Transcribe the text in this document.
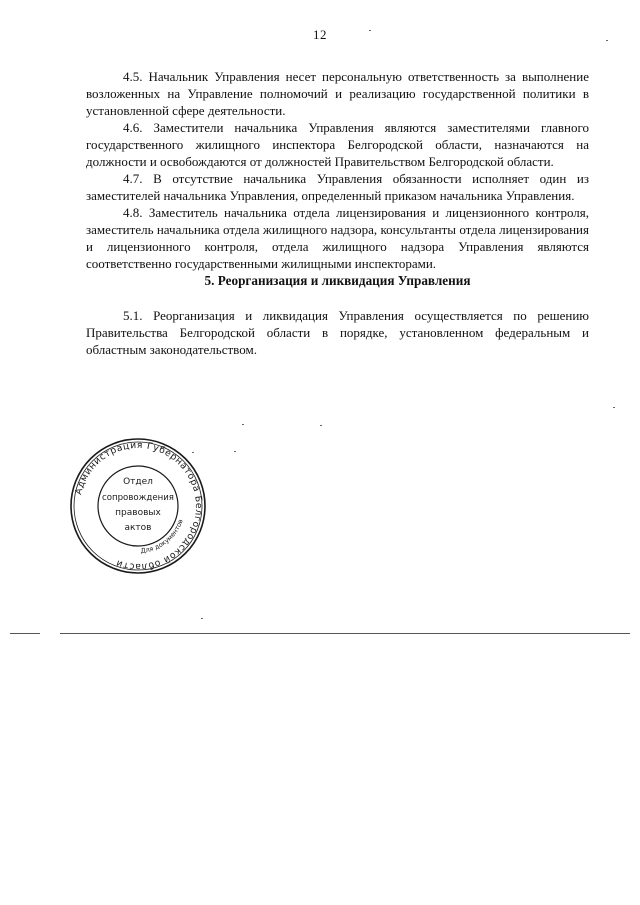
12

4.5. Начальник Управления несет персональную ответственность за выполнение возложенных на Управление полномочий и реализацию государственной политики в установленной сфере деятельности.

4.6. Заместители начальника Управления являются заместителями главного государственного жилищного инспектора Белгородской области, назначаются на должности и освобождаются от должностей Правительством Белгородской области.

4.7. В отсутствие начальника Управления обязанности исполняет один из заместителей начальника Управления, определенный приказом начальника Управления.

4.8. Заместитель начальника отдела лицензирования и лицензионного контроля, заместитель начальника отдела жилищного надзора, консультанты отдела лицензирования и лицензионного контроля, отдела жилищного надзора Управления являются соответственно государственными жилищными инспекторами.

5. Реорганизация и ликвидация Управления

5.1. Реорганизация и ликвидация Управления осуществляется по решению Правительства Белгородской области в порядке, установленном федеральным и областным законодательством.

Администрация Губернатора Белгородской области
Для документов
Отдел
сопровождения
правовых
актов
